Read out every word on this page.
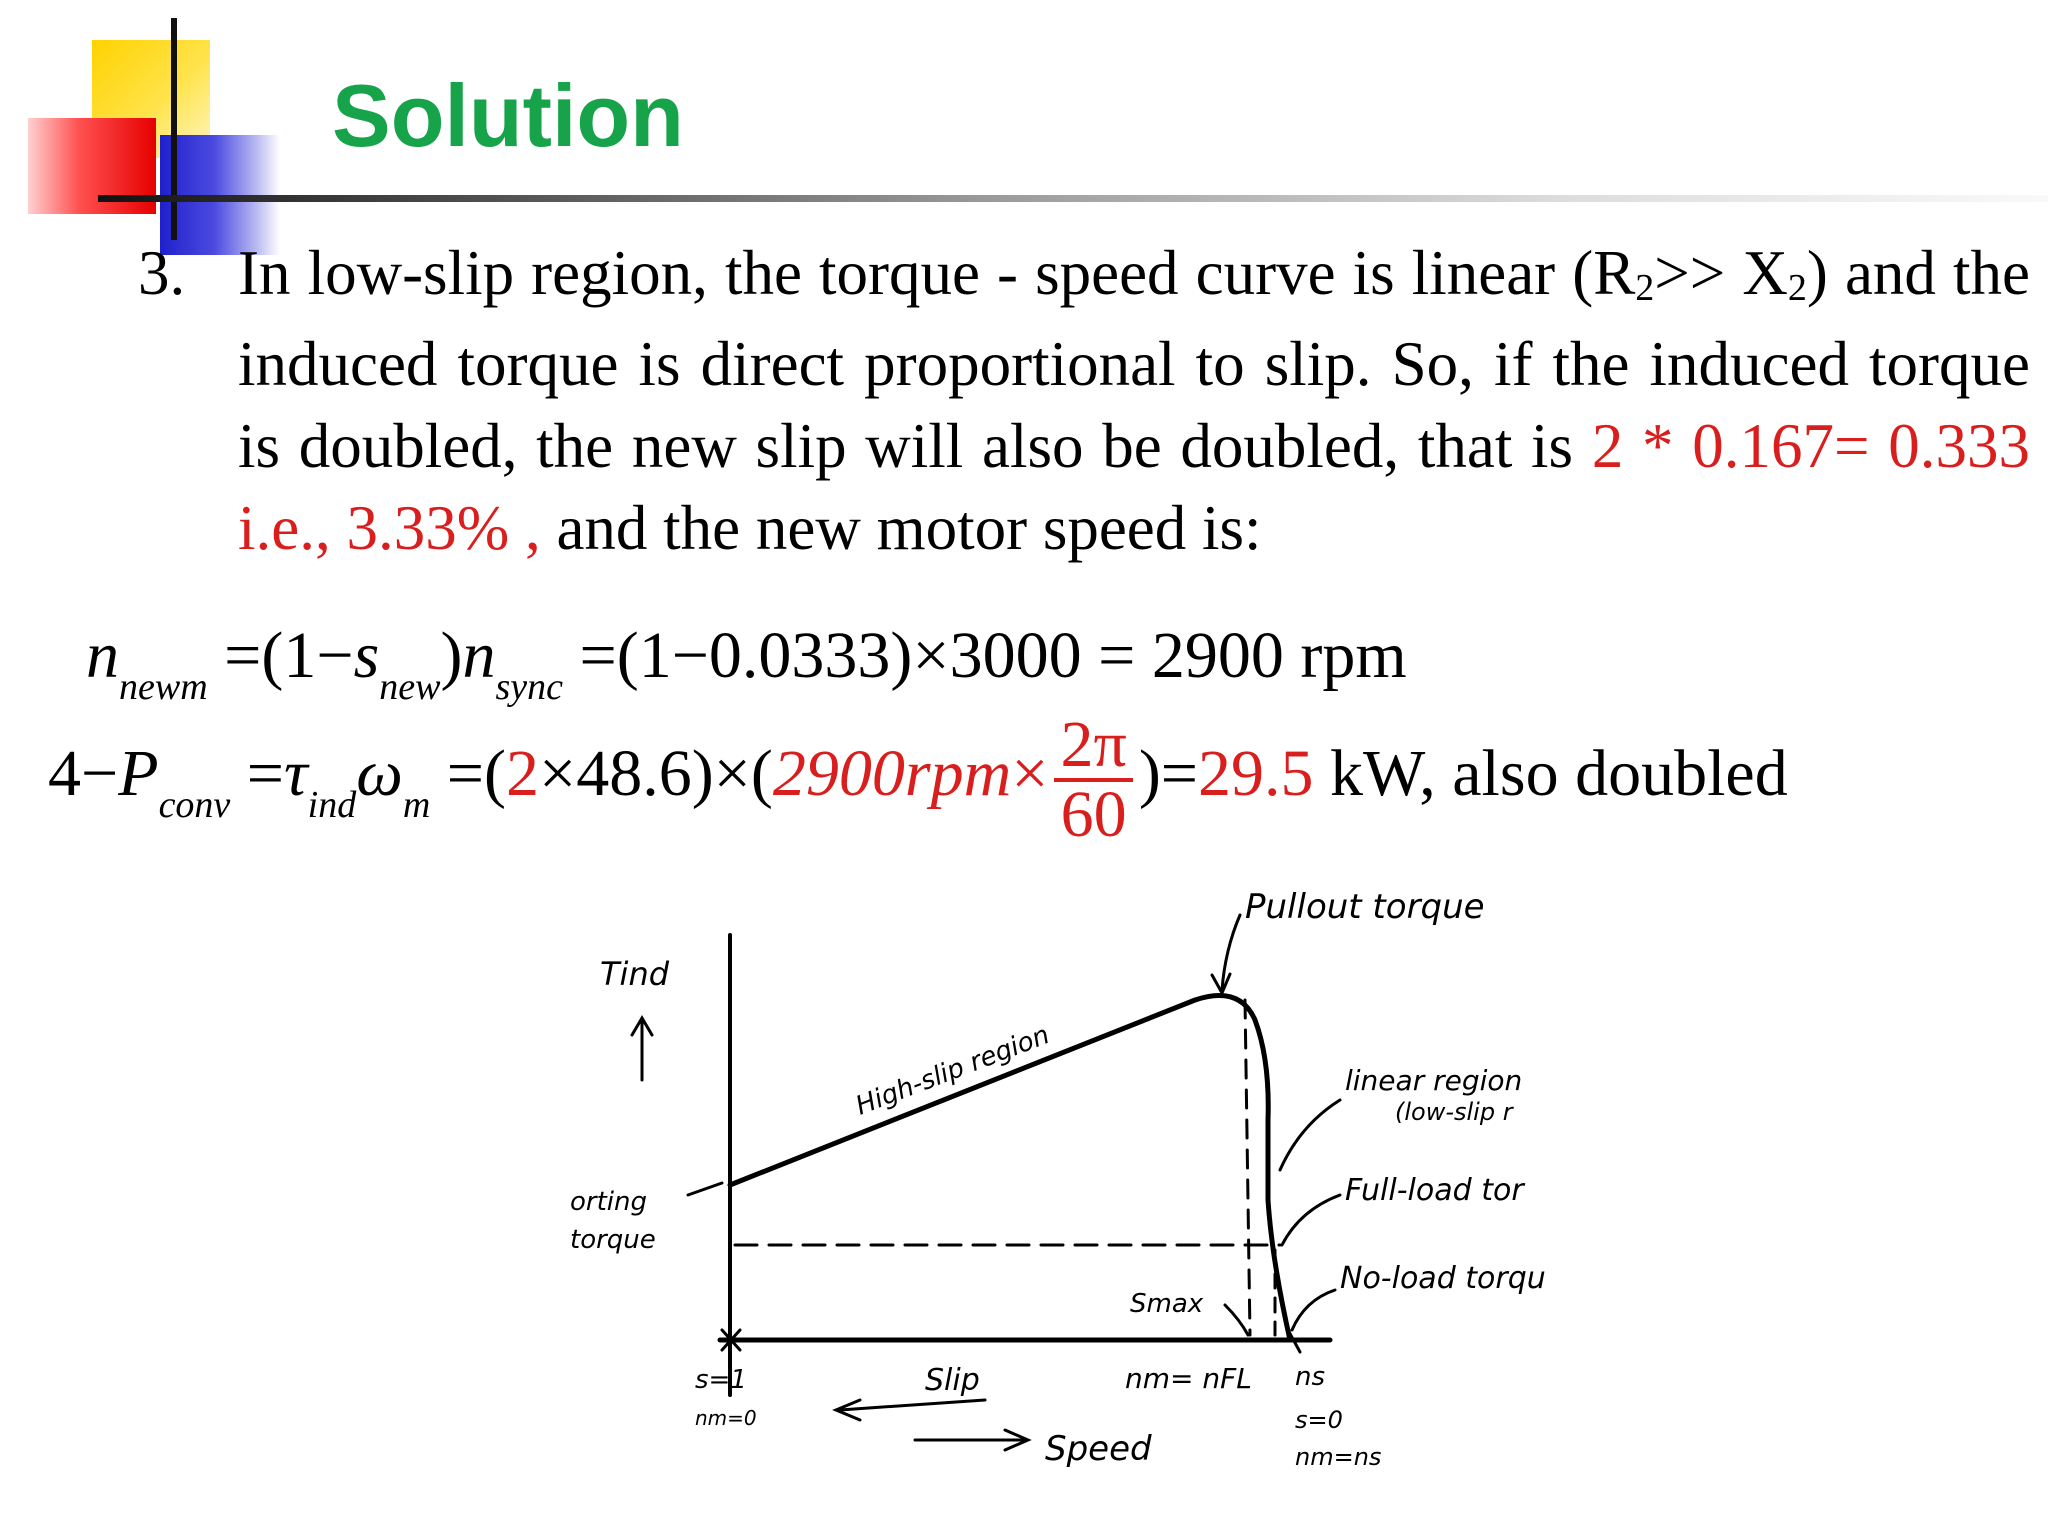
Solution
3. In low-slip region, the torque - speed curve is linear $(R_2>> X_2)$ and the induced torque is direct proportional to slip. So, if the induced torque is doubled, the new slip will also be doubled, that is 2 * 0.167= 0.333 i.e., 3.33% , and the new motor speed is:
$n_{newm} =(1-s_{new})n_{sync} =(1-0.0333)\times 3000 = 2900$ rpm
$4-P_{conv} =\tau_{ind}\omega_m =(2\times 48.6)\times(2900rpm\times \frac{2\pi}{60} )=29.5$ kW, also doubled
Tind
Pullout torque
High-slip region	linear region
(low-slip r
Full-load tor
No-load torqu
orting
torque
Smax
s=1
nm=0
Slip	nm= nFL ns
s=0
nm=ns
Speed
